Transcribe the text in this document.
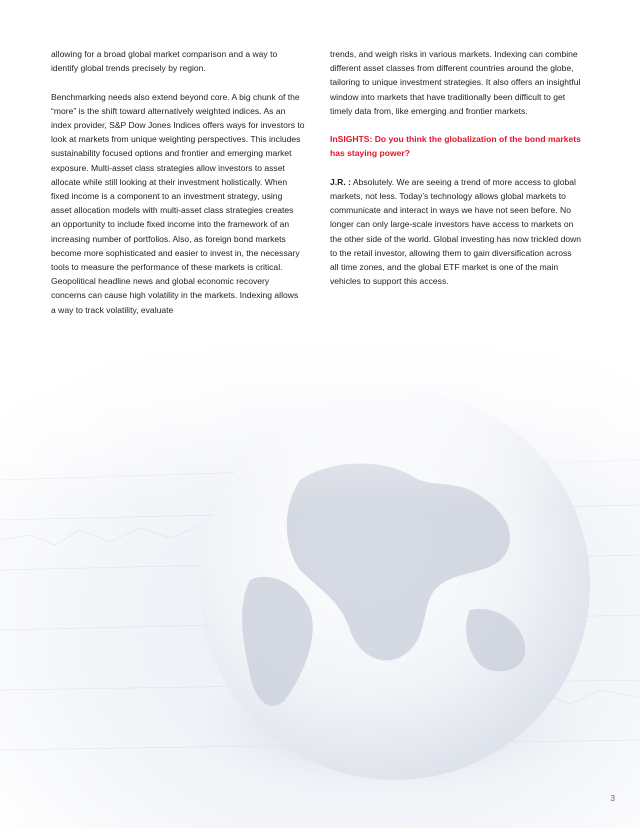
allowing for a broad global market comparison and a way to identify global trends precisely by region.

Benchmarking needs also extend beyond core. A big chunk of the “more” is the shift toward alternatively weighted indices. As an index provider, S&P Dow Jones Indices offers ways for investors to look at markets from unique weighting perspectives. This includes sustainability focused options and frontier and emerging market exposure. Multi-asset class strategies allow investors to asset allocate while still looking at their investment holistically. When fixed income is a component to an investment strategy, using asset allocation models with multi-asset class strategies creates an opportunity to include fixed income into the framework of an increasing number of portfolios. Also, as foreign bond markets become more sophisticated and easier to invest in, the necessary tools to measure the performance of these markets is critical. Geopolitical headline news and global economic recovery concerns can cause high volatility in the markets. Indexing allows a way to track volatility, evaluate

trends, and weigh risks in various markets. Indexing can combine different asset classes from different countries around the globe, tailoring to unique investment strategies. It also offers an insightful window into markets that have traditionally been difficult to get timely data from, like emerging and frontier markets.

InSIGHTS: Do you think the globalization of the bond markets has staying power?

J.R. : Absolutely. We are seeing a trend of more access to global markets, not less. Today’s technology allows global markets to communicate and interact in ways we have not seen before. No longer can only large-scale investors have access to markets on the other side of the world. Global investing has now trickled down to the retail investor, allowing them to gain diversification across all time zones, and the global ETF market is one of the main vehicles to support this access.

3
